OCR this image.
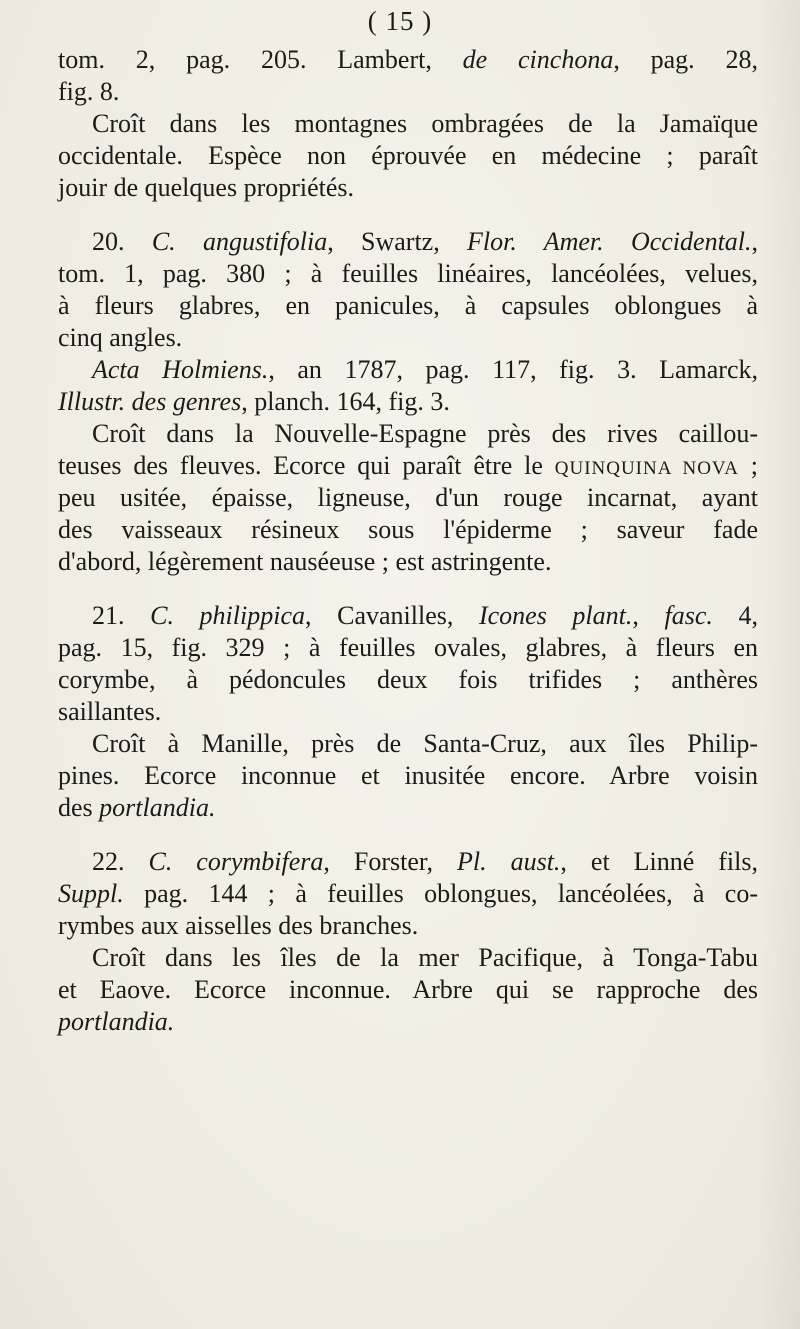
( 15 )
tom. 2, pag. 205. Lambert, de cinchona, pag. 28,
fig. 8.
Croît dans les montagnes ombragées de la Jamaïque
occidentale. Espèce non éprouvée en médecine ; paraît
jouir de quelques propriétés.
20. C. angustifolia, Swartz, Flor. Amer. Occidental.,
tom. 1, pag. 380 ; à feuilles linéaires, lancéolées, velues,
à fleurs glabres, en panicules, à capsules oblongues à
cinq angles.
Acta Holmiens., an 1787, pag. 117, fig. 3. Lamarck,
Illustr. des genres, planch. 164, fig. 3.
Croît dans la Nouvelle-Espagne près des rives caillou-
teuses des fleuves. Ecorce qui paraît être le QUINQUINA NOVA ;
peu usitée, épaisse, ligneuse, d'un rouge incarnat, ayant
des vaisseaux résineux sous l'épiderme ; saveur fade
d'abord, légèrement nauséeuse ; est astringente.
21. C. philippica, Cavanilles, Icones plant., fasc. 4,
pag. 15, fig. 329 ; à feuilles ovales, glabres, à fleurs en
corymbe, à pédoncules deux fois trifides ; anthères
saillantes.
Croît à Manille, près de Santa-Cruz, aux îles Philip-
pines. Ecorce inconnue et inusitée encore. Arbre voisin
des portlandia.
22. C. corymbifera, Forster, Pl. aust., et Linné fils,
Suppl. pag. 144 ; à feuilles oblongues, lancéolées, à co-
rymbes aux aisselles des branches.
Croît dans les îles de la mer Pacifique, à Tonga-Tabu
et Eaove. Ecorce inconnue. Arbre qui se rapproche des
portlandia.
